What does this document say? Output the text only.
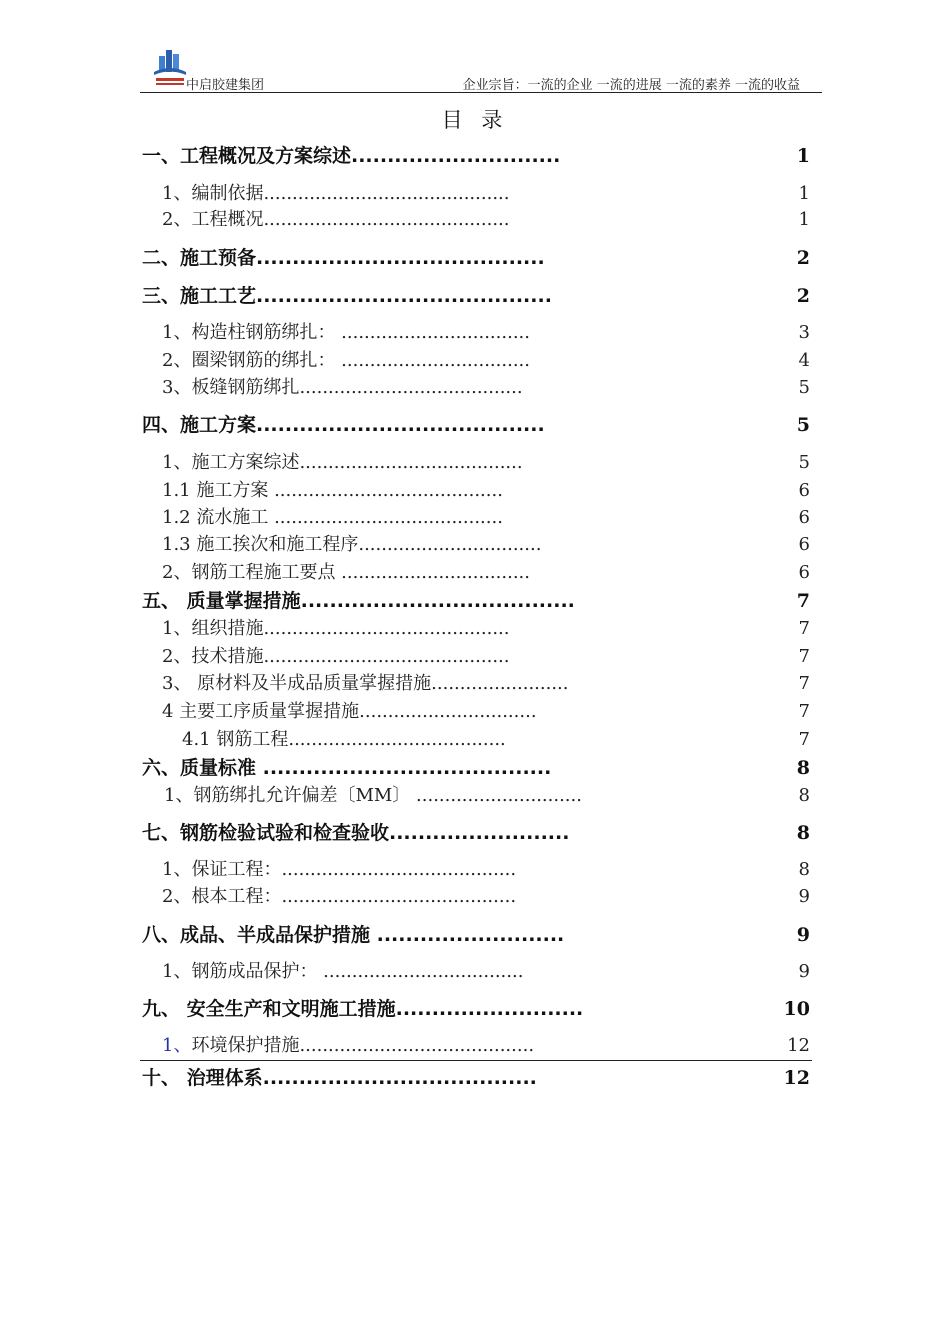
中启胶建集团	企业宗旨：一流的企业 一流的进展 一流的素养 一流的收益
目 录
一、工程概况及方案综述.............................	1
1、编制依据...........................................	1
2、工程概况...........................................	1
二、施工预备........................................	2
三、施工工艺.........................................	2
1、构造柱钢筋绑扎： .................................	3
2、圈梁钢筋的绑扎： .................................	4
3、板缝钢筋绑扎.......................................	5
四、施工方案........................................	5
1、施工方案综述.......................................	5
1.1 施工方案 ........................................	6
1.2 流水施工 ........................................	6
1.3 施工挨次和施工程序................................	6
2、钢筋工程施工要点 .................................	6
五、 质量掌握措施......................................	7
1、组织措施...........................................	7
2、技术措施...........................................	7
3、 原材料及半成品质量掌握措施........................	7
4 主要工序质量掌握措施...............................	7
4.1 钢筋工程......................................	7
六、质量标准 ........................................	8
1、钢筋绑扎允许偏差〔MM〕 .............................	8
七、钢筋检验试验和检查验收.........................	8
1、保证工程：.........................................	8
2、根本工程：.........................................	9
八、成品、半成品保护措施 ..........................	9
1、钢筋成品保护： ...................................	9
九、 安全生产和文明施工措施..........................	10
1、环境保护措施.........................................	12
十、 治理体系......................................	12
